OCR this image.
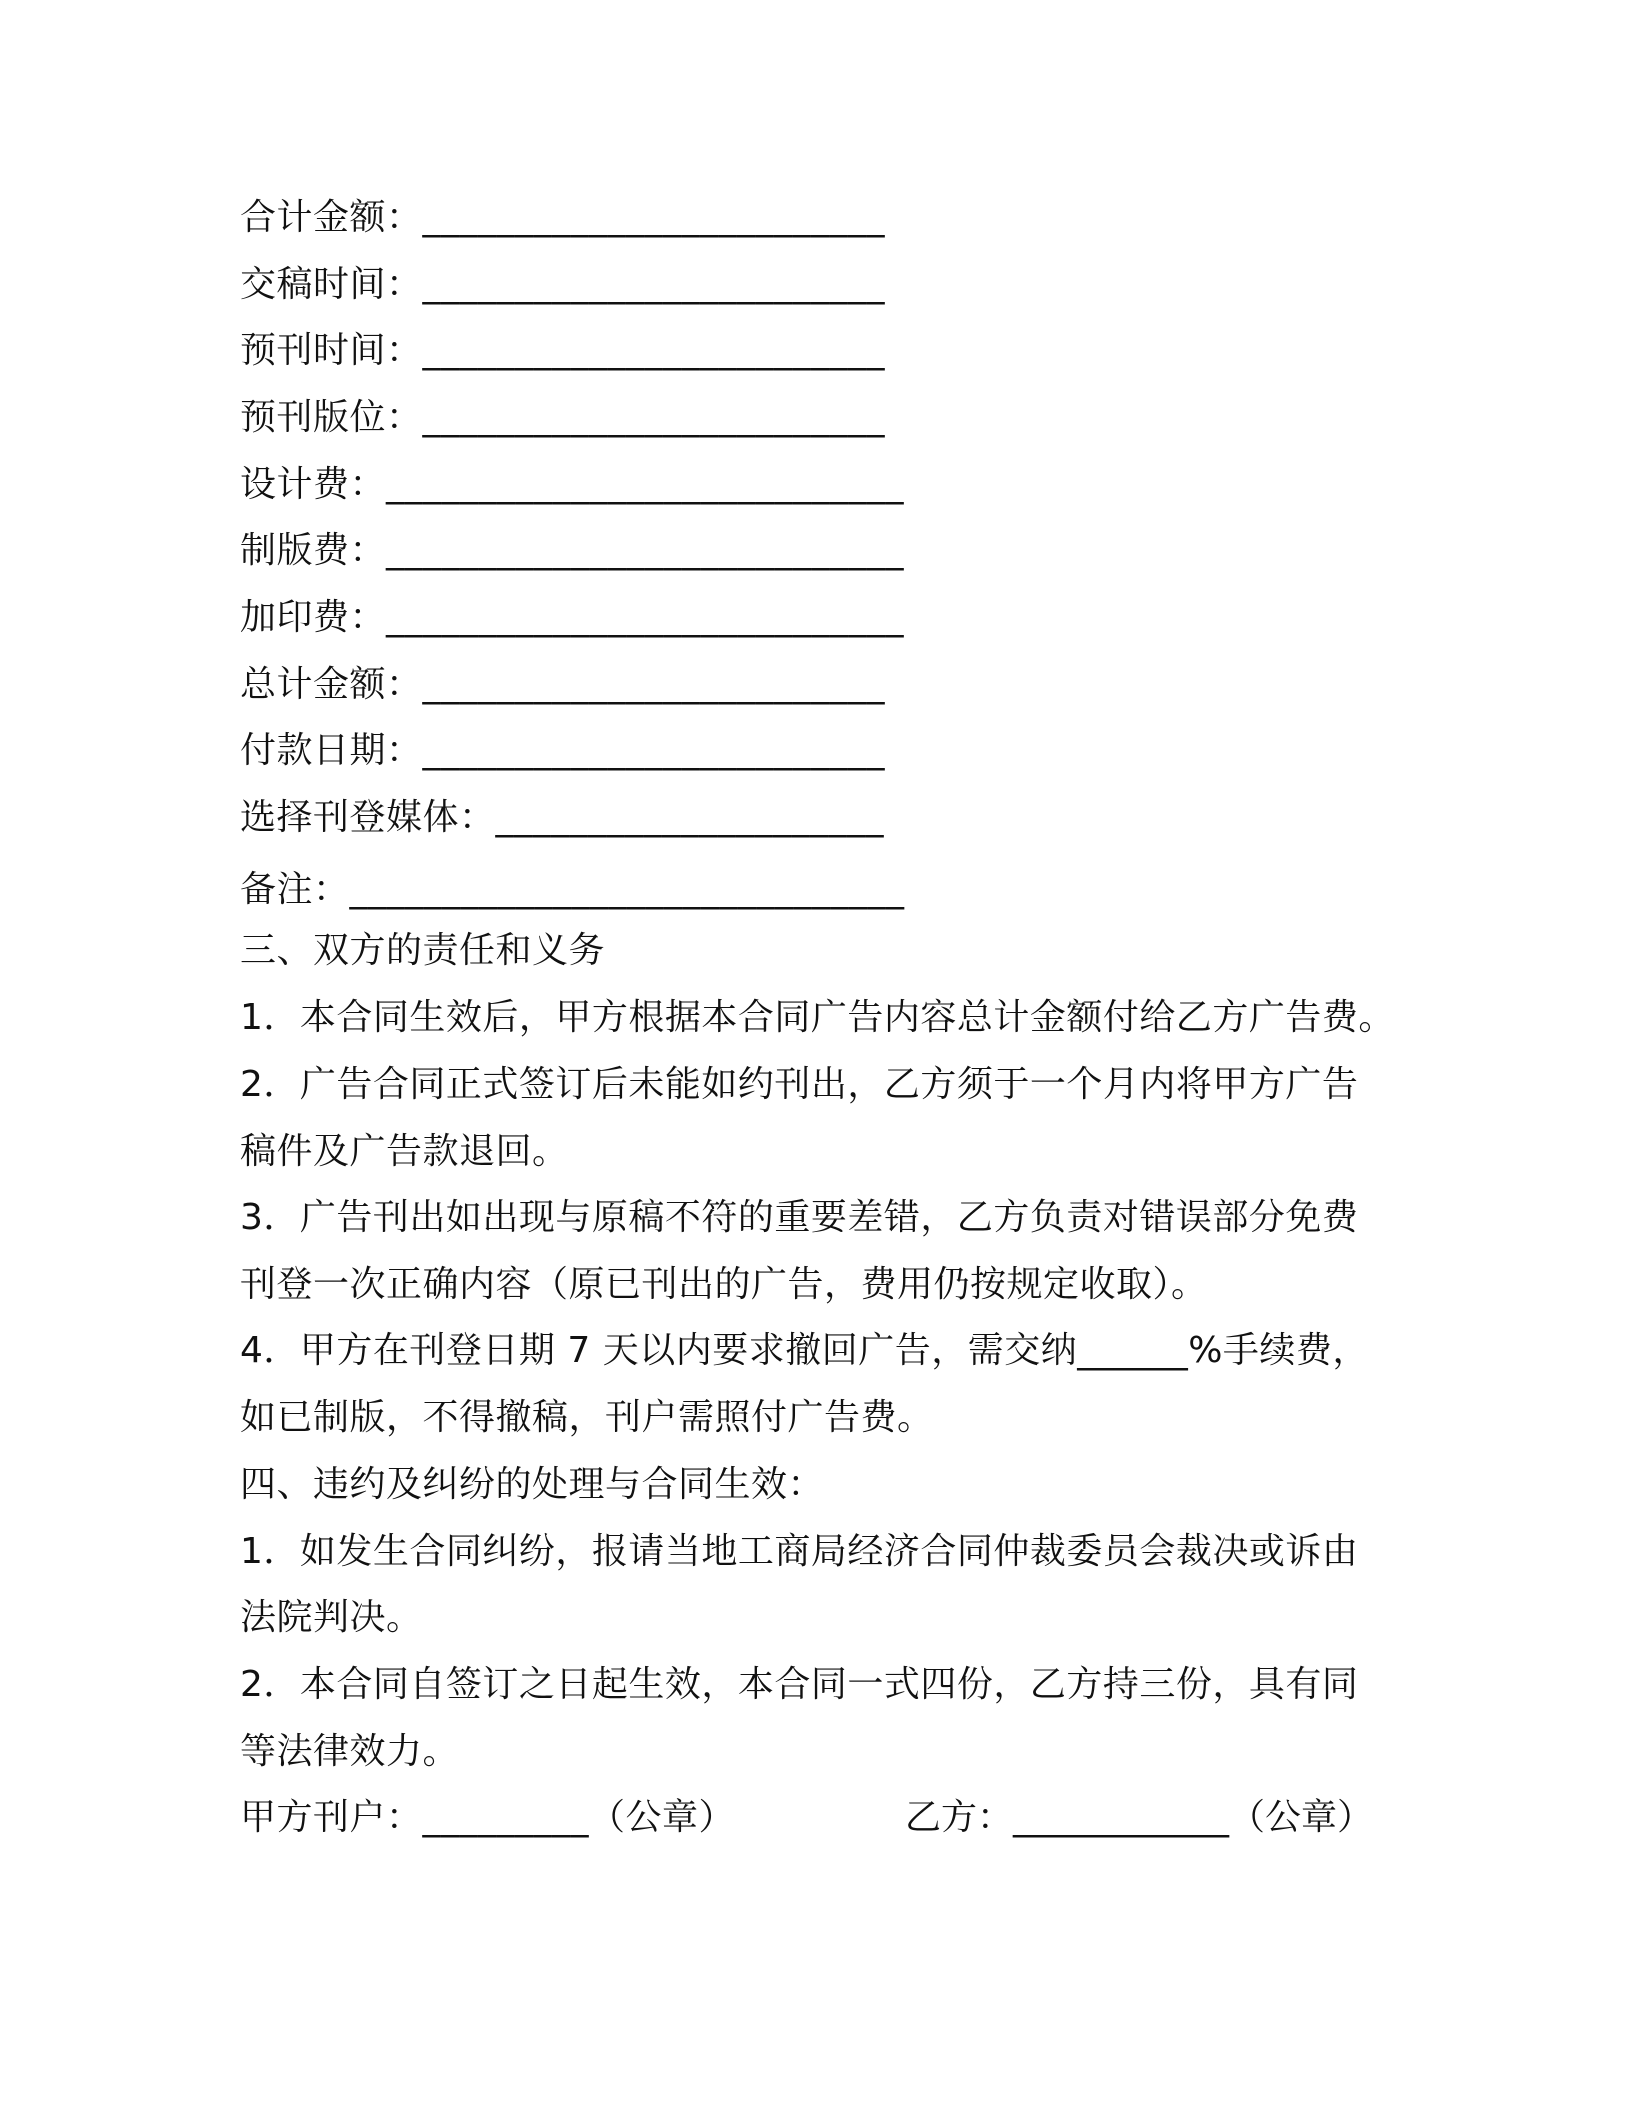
合计金额：_________________________
交稿时间：_________________________
预刊时间：_________________________
预刊版位：_________________________
设计费：____________________________
制版费：____________________________
加印费：____________________________
总计金额：_________________________
付款日期：_________________________
选择刊登媒体：_____________________
备注：______________________________
三、双方的责任和义务
1．本合同生效后，甲方根据本合同广告内容总计金额付给乙方广告费。
2．广告合同正式签订后未能如约刊出，乙方须于一个月内将甲方广告
稿件及广告款退回。
3．广告刊出如出现与原稿不符的重要差错，乙方负责对错误部分免费
刊登一次正确内容（原已刊出的广告，费用仍按规定收取）。
4．甲方在刊登日期 7 天以内要求撤回广告，需交纳______%手续费，
如已制版，不得撤稿，刊户需照付广告费。
四、违约及纠纷的处理与合同生效：
1．如发生合同纠纷，报请当地工商局经济合同仲裁委员会裁决或诉由
法院判决。
2．本合同自签订之日起生效，本合同一式四份，乙方持三份，具有同
等法律效力。
甲方刊户：_________（公章）	乙方：____________（公章）
